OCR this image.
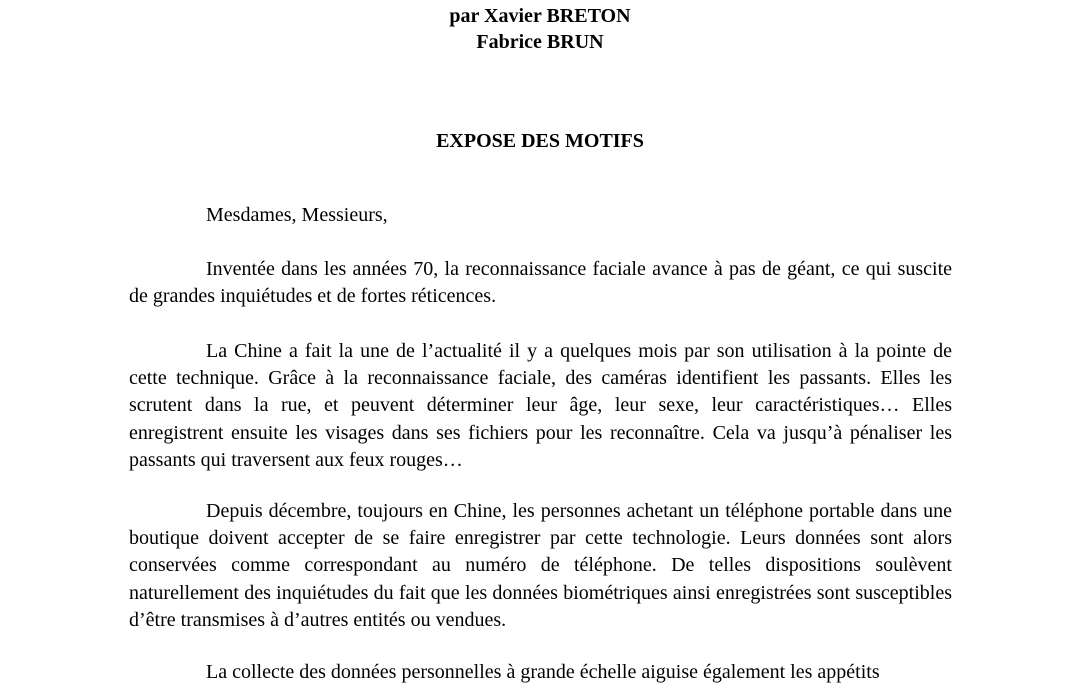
par Xavier BRETON
Fabrice BRUN
EXPOSE DES MOTIFS

Mesdames, Messieurs,

Inventée dans les années 70, la reconnaissance faciale avance à pas de géant, ce qui suscite de grandes inquiétudes et de fortes réticences.

La Chine a fait la une de l’actualité il y a quelques mois par son utilisation à la pointe de cette technique. Grâce à la reconnaissance faciale, des caméras identifient les passants. Elles les scrutent dans la rue, et peuvent déterminer leur âge, leur sexe, leur caractéristiques… Elles enregistrent ensuite les visages dans ses fichiers pour les reconnaître. Cela va jusqu’à pénaliser les passants qui traversent aux feux rouges…

Depuis décembre, toujours en Chine, les personnes achetant un téléphone portable dans une boutique doivent accepter de se faire enregistrer par cette technologie. Leurs données sont alors conservées comme correspondant au numéro de téléphone. De telles dispositions soulèvent naturellement des inquiétudes du fait que les données biométriques ainsi enregistrées sont susceptibles d’être transmises à d’autres entités ou vendues.

La collecte des données personnelles à grande échelle aiguise également les appétits
